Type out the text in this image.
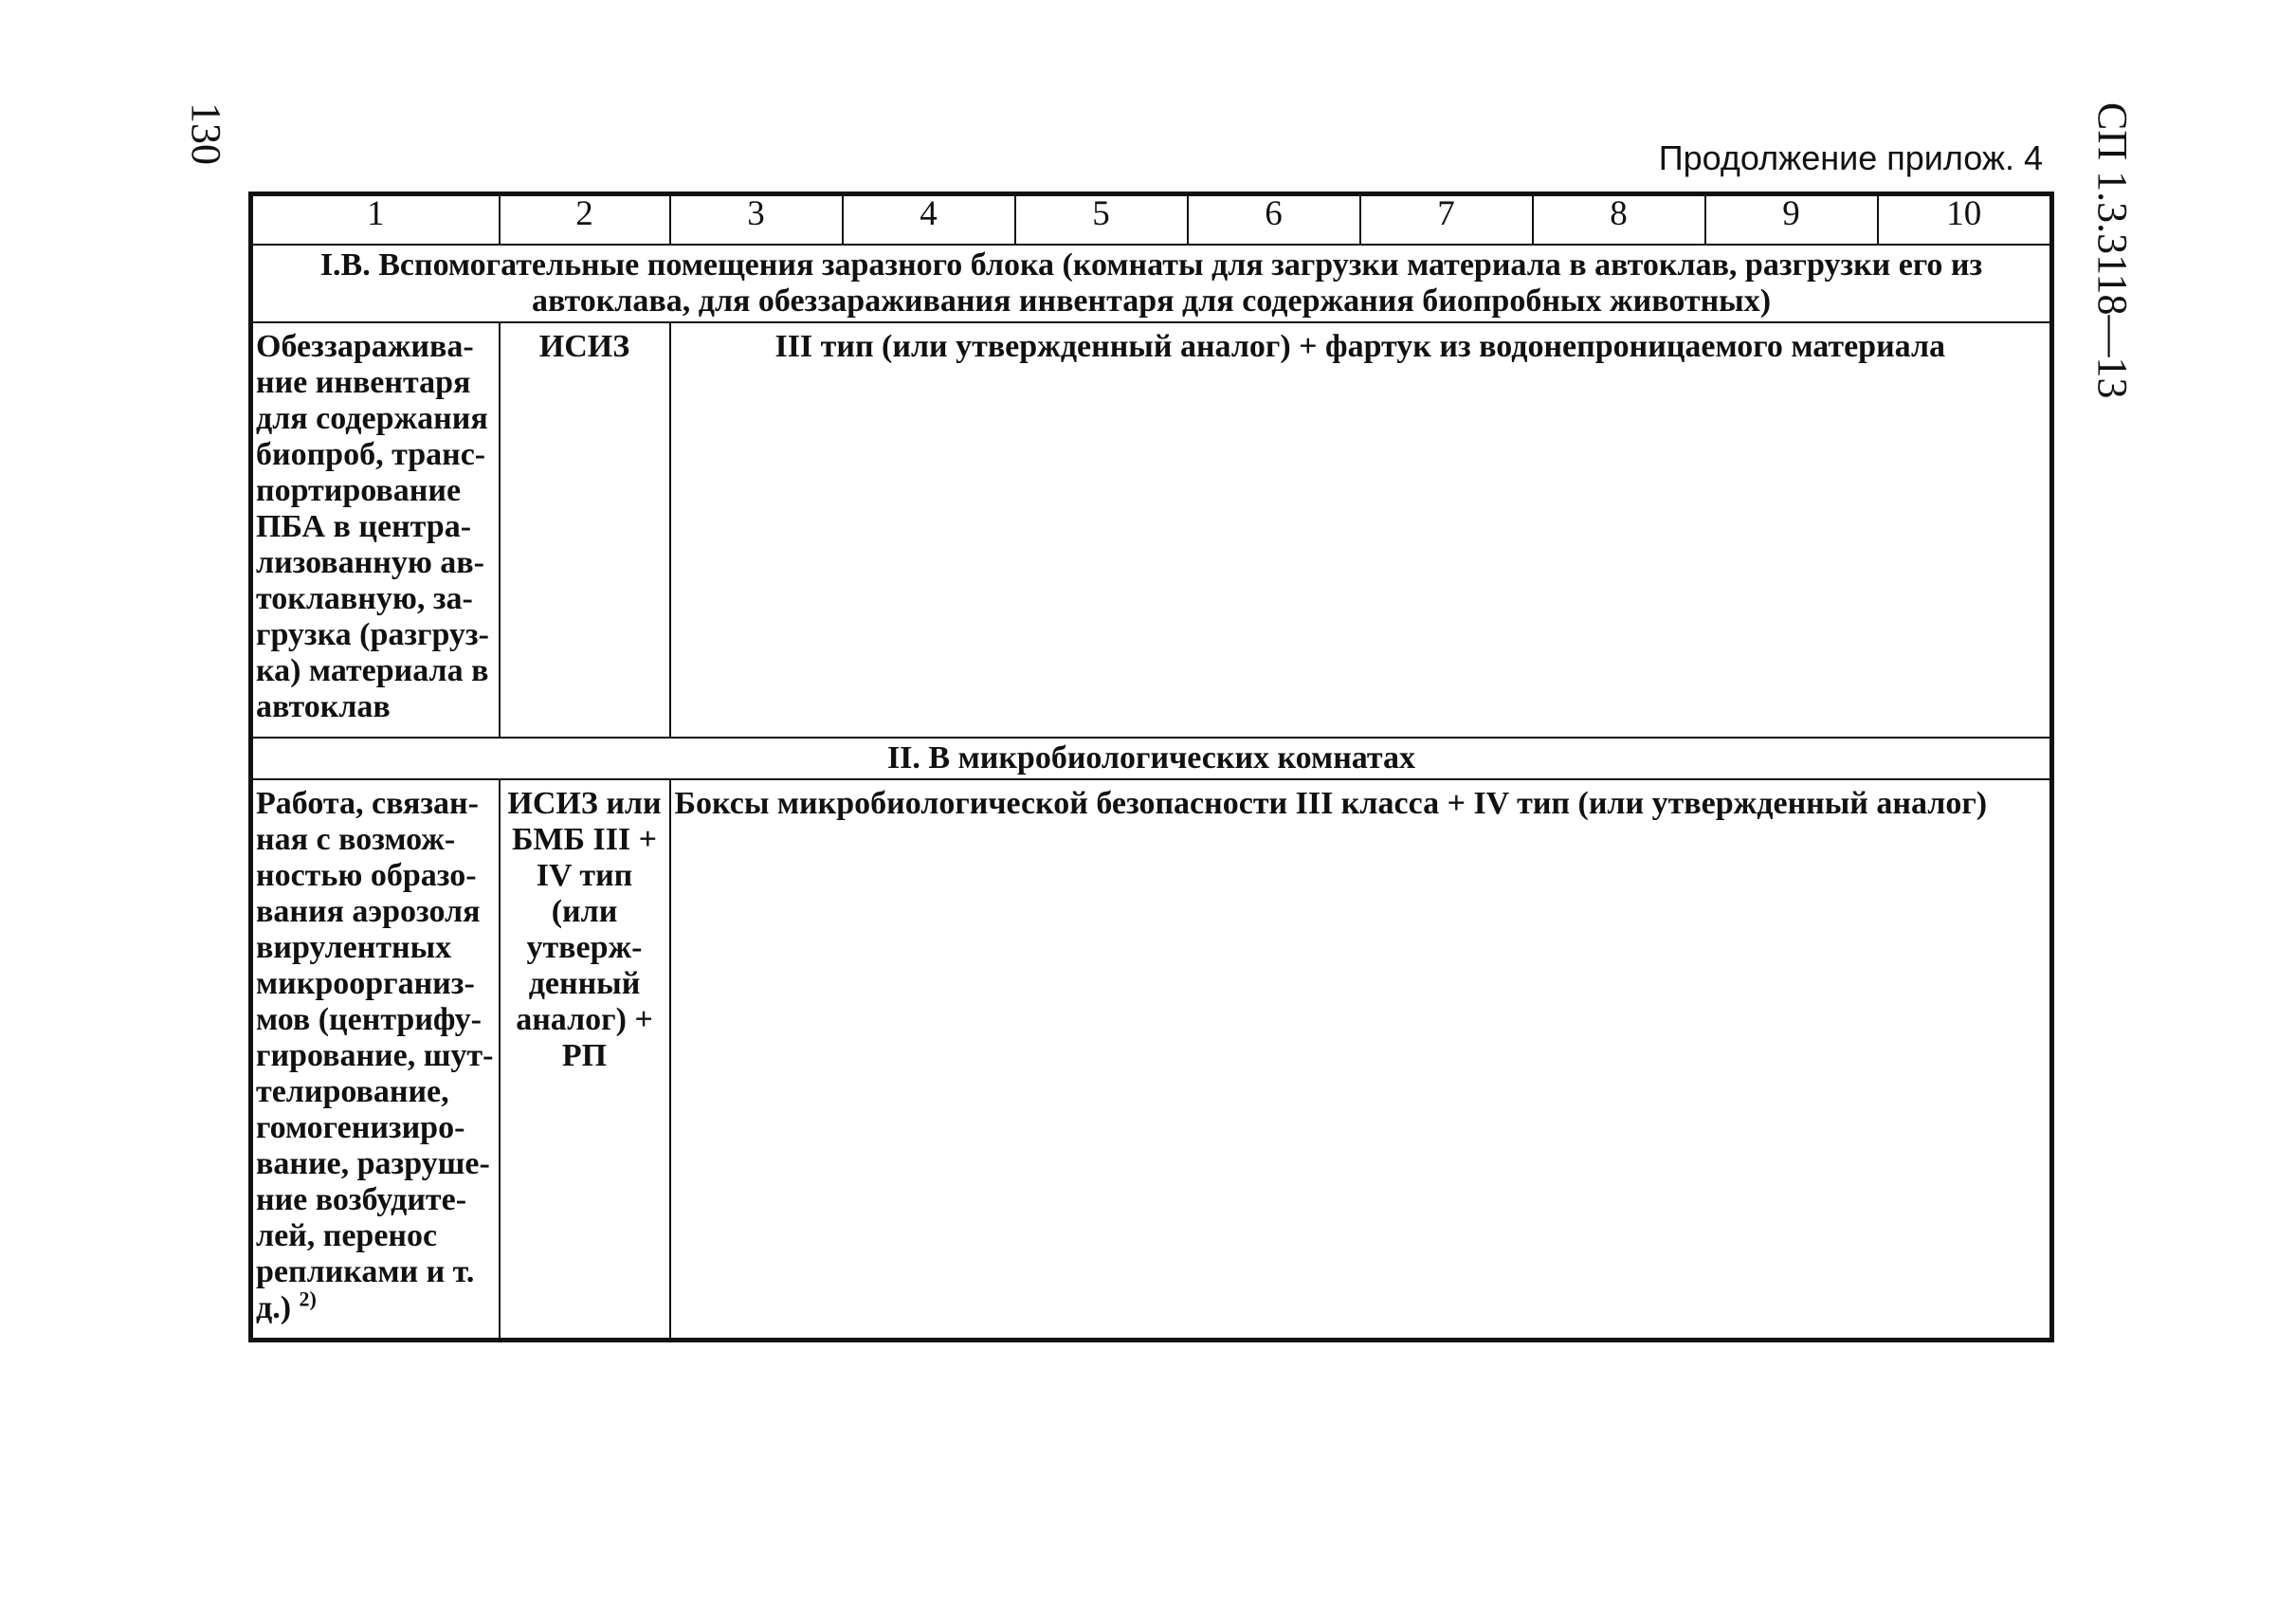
130	СП 1.3.3118—13
Продолжение прилож. 4
1	2	3	4	5	6	7	8	9	10
I.В. Вспомогательные помещения заразного блока (комнаты для загрузки материала в автоклав, разгрузки его из автоклава, для обеззараживания инвентаря для содержания биопробных животных)									
Обеззаражива-ние инвентаря для содержания биопроб, транс-портирование ПБА в центра-лизованную ав-токлавную, за-грузка (разгруз-ка) материала в автоклав	ИСИЗ	III тип (или утвержденный аналог) + фартук из водонепроницаемого материала							
II. В микробиологических комнатах									
Работа, связан-ная с возмож-ностью образо-вания аэрозоля вирулентных микроорганиз-мов (центрифу-гирование, шут-телирование, гомогенизиро-вание, разруше-ние возбудите-лей, перенос репликами и т. д.) $^{2)}$	ИСИЗ или БМБ III + IV тип (или утверж-денный аналог) + РП	Боксы микробиологической безопасности III класса + IV тип (или утвержденный аналог)							
